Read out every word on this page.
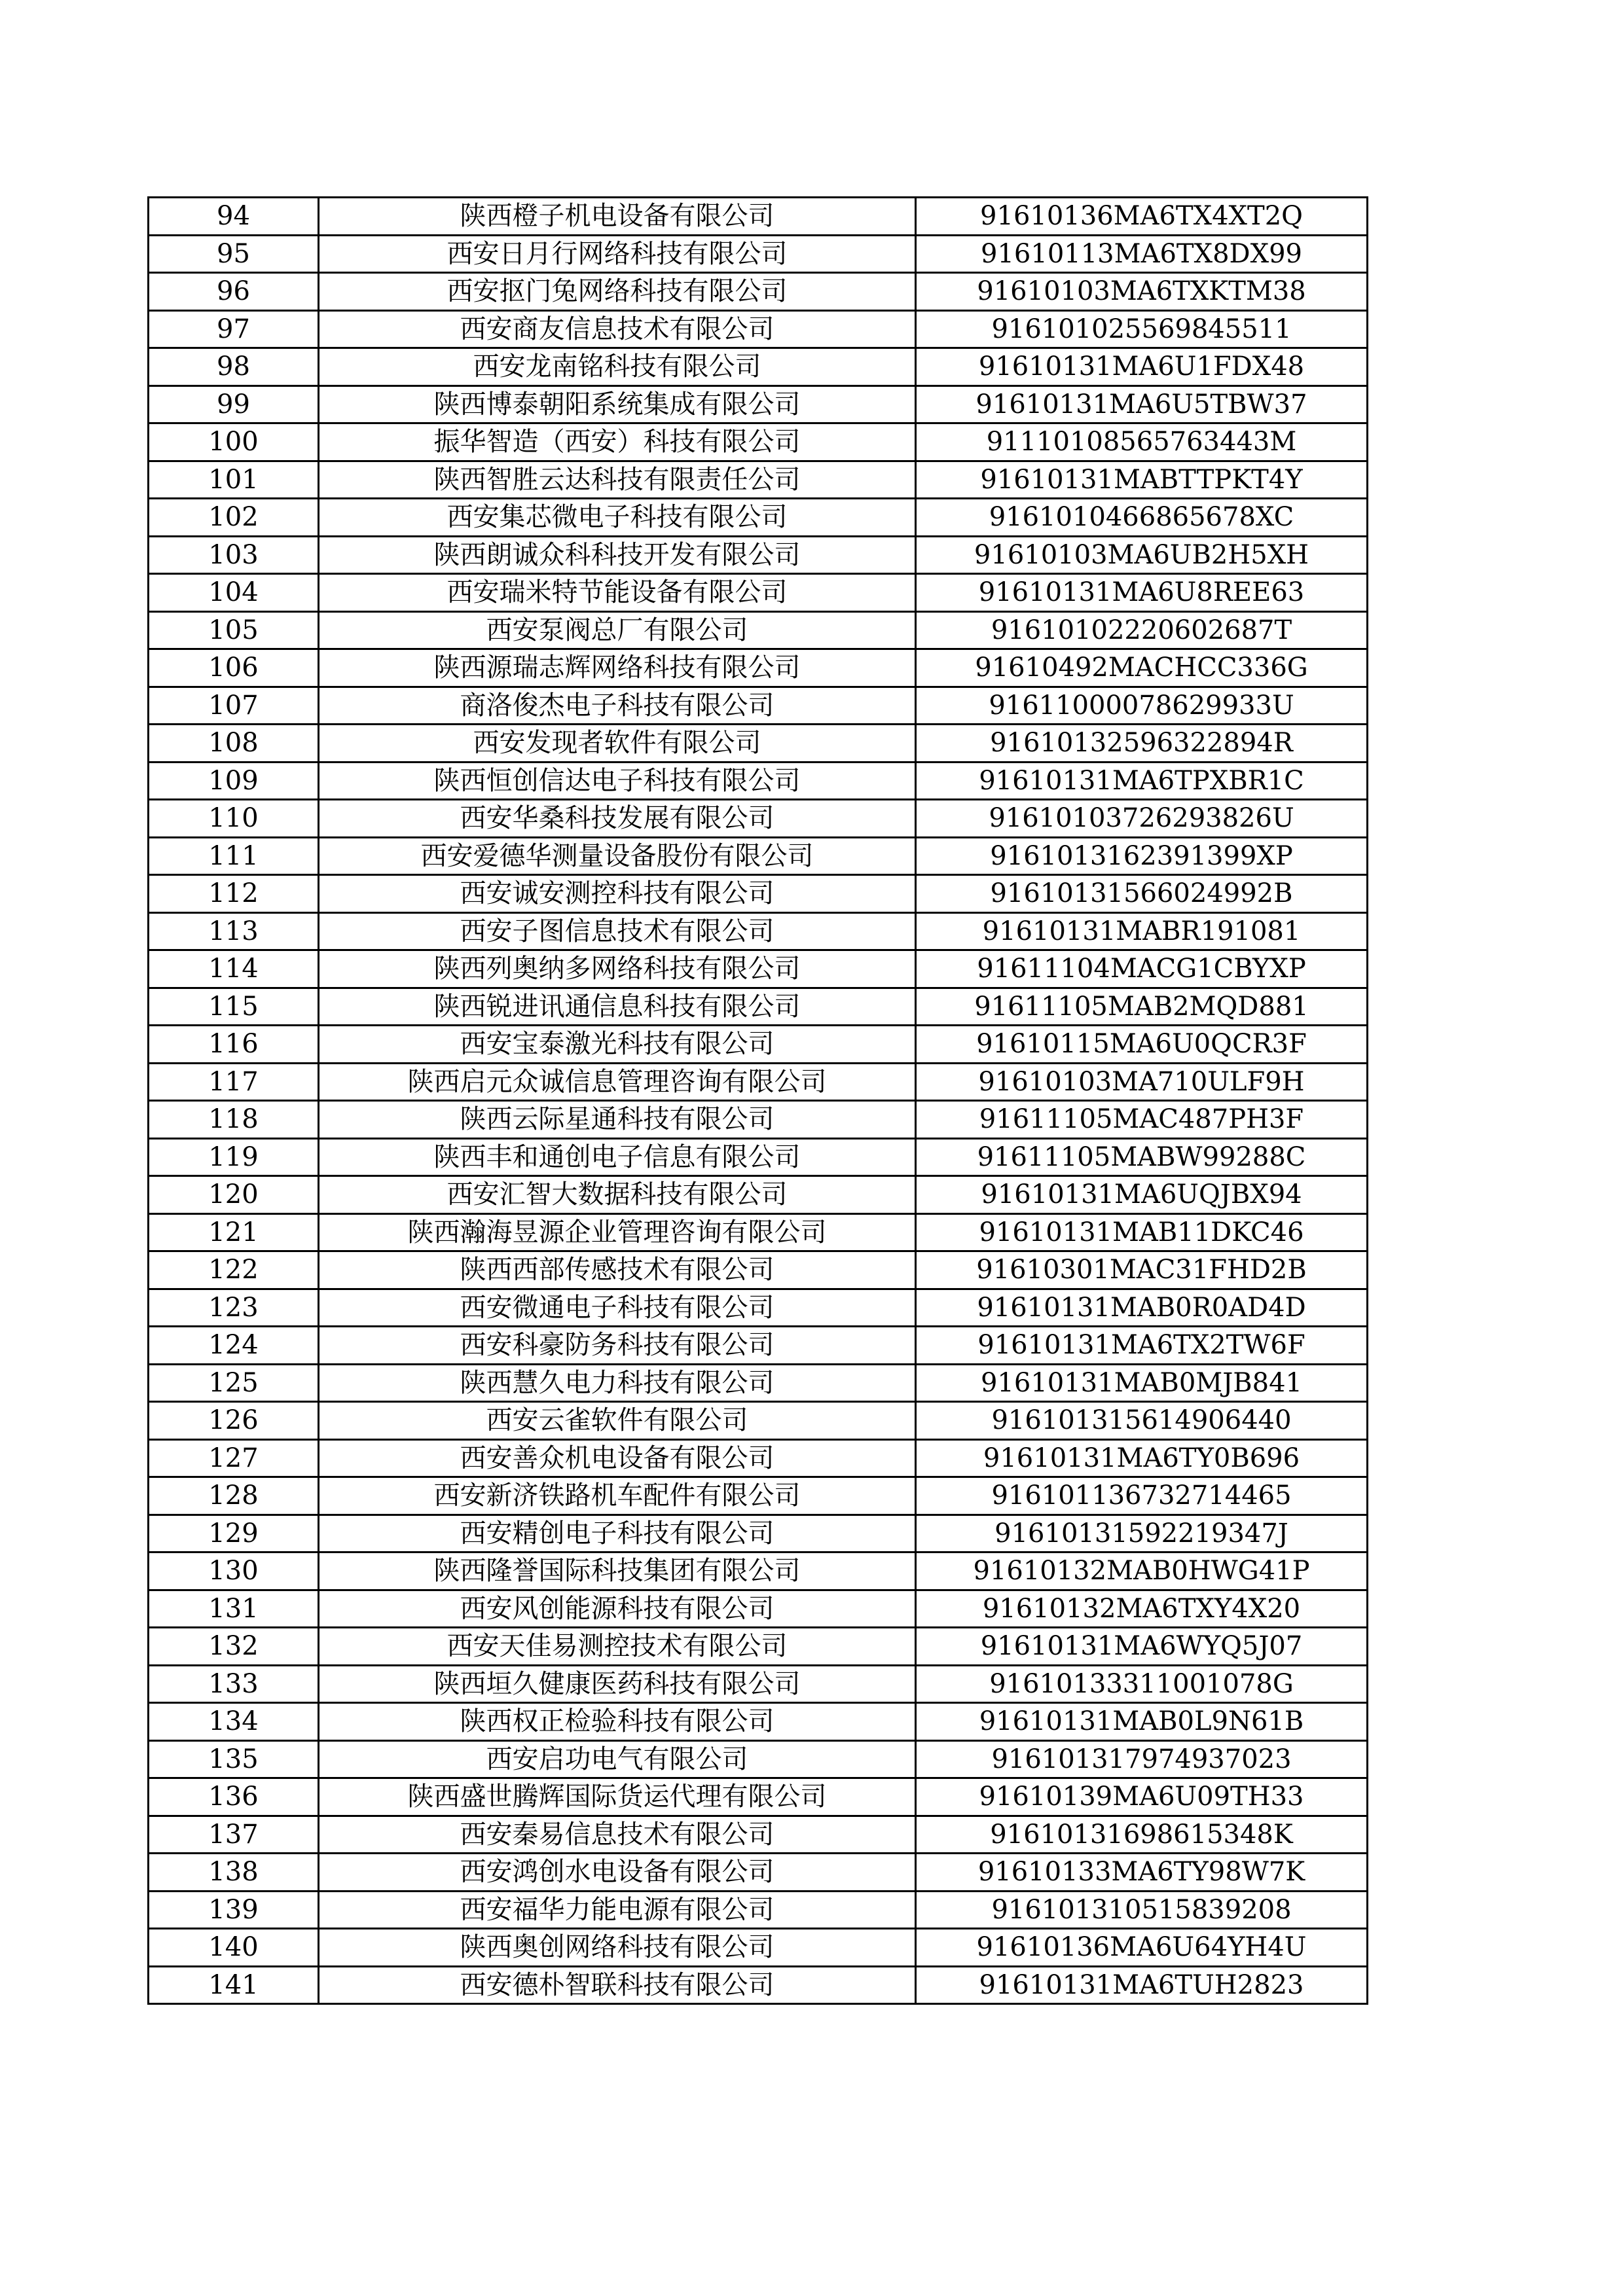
94	陕西橙子机电设备有限公司	91610136MA6TX4XT2Q
95	西安日月行网络科技有限公司	91610113MA6TX8DX99
96	西安抠门兔网络科技有限公司	91610103MA6TXKTM38
97	西安商友信息技术有限公司	916101025569845511
98	西安龙南铭科技有限公司	91610131MA6U1FDX48
99	陕西博泰朝阳系统集成有限公司	91610131MA6U5TBW37
100	振华智造（西安）科技有限公司	91110108565763443M
101	陕西智胜云达科技有限责任公司	91610131MABTTPKT4Y
102	西安集芯微电子科技有限公司	9161010466865678XC
103	陕西朗诚众科科技开发有限公司	91610103MA6UB2H5XH
104	西安瑞米特节能设备有限公司	91610131MA6U8REE63
105	西安泵阀总厂有限公司	91610102220602687T
106	陕西源瑞志辉网络科技有限公司	91610492MACHCC336G
107	商洛俊杰电子科技有限公司	91611000078629933U
108	西安发现者软件有限公司	91610132596322894R
109	陕西恒创信达电子科技有限公司	91610131MA6TPXBR1C
110	西安华桑科技发展有限公司	91610103726293826U
111	西安爱德华测量设备股份有限公司	9161013162391399XP
112	西安诚安测控科技有限公司	91610131566024992B
113	西安子图信息技术有限公司	91610131MABR191081
114	陕西列奥纳多网络科技有限公司	91611104MACG1CBYXP
115	陕西锐进讯通信息科技有限公司	91611105MAB2MQD881
116	西安宝泰激光科技有限公司	91610115MA6U0QCR3F
117	陕西启元众诚信息管理咨询有限公司	91610103MA710ULF9H
118	陕西云际星通科技有限公司	91611105MAC487PH3F
119	陕西丰和通创电子信息有限公司	91611105MABW99288C
120	西安汇智大数据科技有限公司	91610131MA6UQJBX94
121	陕西瀚海昱源企业管理咨询有限公司	91610131MAB11DKC46
122	陕西西部传感技术有限公司	91610301MAC31FHD2B
123	西安微通电子科技有限公司	91610131MAB0R0AD4D
124	西安科豪防务科技有限公司	91610131MA6TX2TW6F
125	陕西慧久电力科技有限公司	91610131MAB0MJB841
126	西安云雀软件有限公司	916101315614906440
127	西安善众机电设备有限公司	91610131MA6TY0B696
128	西安新济铁路机车配件有限公司	916101136732714465
129	西安精创电子科技有限公司	91610131592219347J
130	陕西隆誉国际科技集团有限公司	91610132MAB0HWG41P
131	西安风创能源科技有限公司	91610132MA6TXY4X20
132	西安天佳易测控技术有限公司	91610131MA6WYQ5J07
133	陕西垣久健康医药科技有限公司	91610133311001078G
134	陕西权正检验科技有限公司	91610131MAB0L9N61B
135	西安启功电气有限公司	916101317974937023
136	陕西盛世腾辉国际货运代理有限公司	91610139MA6U09TH33
137	西安秦易信息技术有限公司	91610131698615348K
138	西安鸿创水电设备有限公司	91610133MA6TY98W7K
139	西安福华力能电源有限公司	916101310515839208
140	陕西奥创网络科技有限公司	91610136MA6U64YH4U
141	西安德朴智联科技有限公司	91610131MA6TUH2823
